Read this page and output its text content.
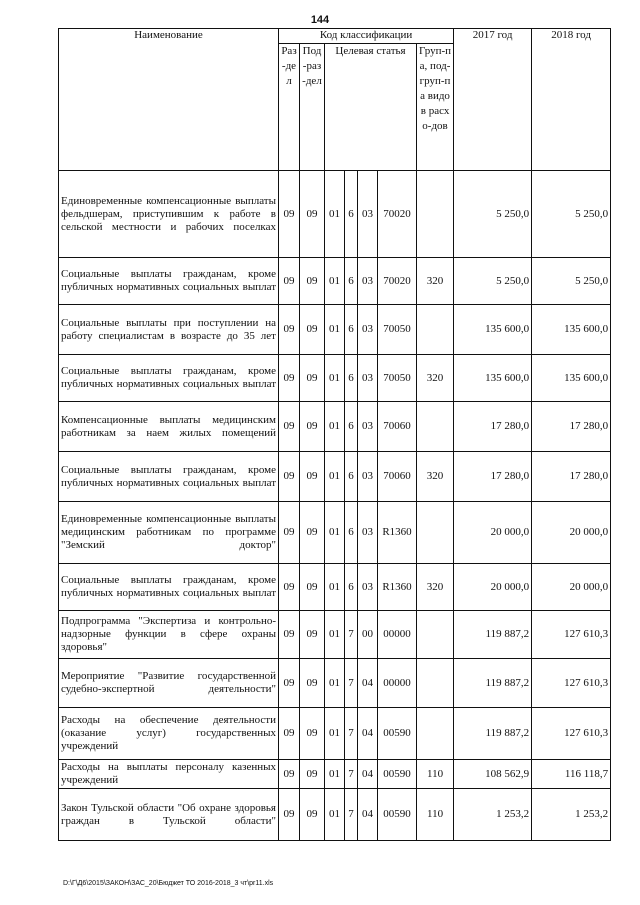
144
Наименование	Код классификации							2017 год	2018 год
	Раз-дел	Под-раз-дел	Целевая статья				Груп-па, под-груп-па видов расхо-дов		
Единовременные компенсационные выплаты фельдшерам, приступившим к работе в сельской местности и рабочих поселках	09	09	01	6	03	70020		5 250,0	5 250,0
Социальные выплаты гражданам, кроме публичных нормативных социальных выплат	09	09	01	6	03	70020	320	5 250,0	5 250,0
Социальные выплаты при поступлении на работу специалистам в возрасте до 35 лет	09	09	01	6	03	70050		135 600,0	135 600,0
Социальные выплаты гражданам, кроме публичных нормативных социальных выплат	09	09	01	6	03	70050	320	135 600,0	135 600,0
Компенсационные выплаты медицинским работникам за наем жилых помещений	09	09	01	6	03	70060		17 280,0	17 280,0
Социальные выплаты гражданам, кроме публичных нормативных социальных выплат	09	09	01	6	03	70060	320	17 280,0	17 280,0
Единовременные компенсационные выплаты медицинским работникам по программе "Земский доктор"	09	09	01	6	03	R1360		20 000,0	20 000,0
Социальные выплаты гражданам, кроме публичных нормативных социальных выплат	09	09	01	6	03	R1360	320	20 000,0	20 000,0
Подпрограмма "Экспертиза и контрольно-надзорные функции в сфере охраны здоровья"	09	09	01	7	00	00000		119 887,2	127 610,3
Мероприятие "Развитие государственной судебно-экспертной деятельности"	09	09	01	7	04	00000		119 887,2	127 610,3
Расходы на обеспечение деятельности (оказание услуг) государственных учреждений	09	09	01	7	04	00590		119 887,2	127 610,3
Расходы на выплаты персоналу казенных учреждений	09	09	01	7	04	00590	110	108 562,9	116 118,7
Закон Тульской области "Об охране здоровья граждан в Тульской области"	09	09	01	7	04	00590	110	1 253,2	1 253,2
D:\Г\Д6\2015\ЗАКОН\ЗАС_20\Бюджет ТО 2016-2018_3 чт\pr11.xls
